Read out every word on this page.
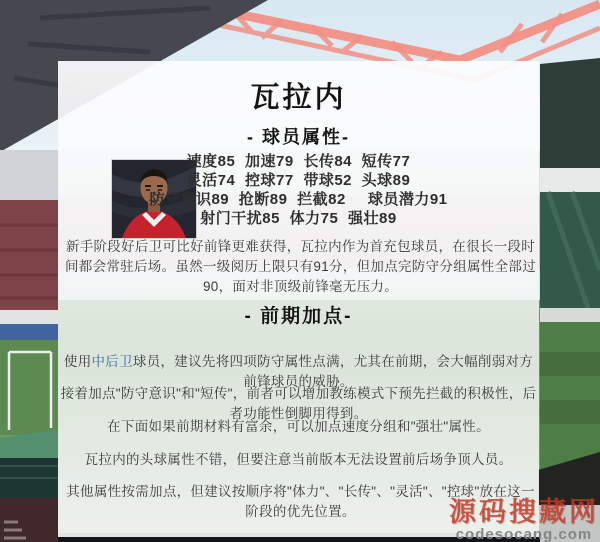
瓦拉内
- 球员属性-
速度85 加速79 长传84 短传77
灵活74 控球77 带球52 头球89
防守意识89 抢断89 拦截82 球员潜力91
射门干扰85 体力75 强壮89

新手阶段好后卫可比好前锋更难获得，瓦拉内作为首充包球员，在很长一段时间都会常驻后场。虽然一级阅历上限只有91分，但加点完防守分组属性全部过90，面对非顶级前锋毫无压力。

- 前期加点-

使用中后卫球员，建议先将四项防守属性点满，尤其在前期，会大幅削弱对方前锋球员的威胁。

接着加点"防守意识"和"短传"，前者可以增加教练模式下预先拦截的积极性，后者功能性倒脚用得到。

在下面如果前期材料有富余，可以加点速度分组和"强壮"属性。

瓦拉内的头球属性不错，但要注意当前版本无法设置前后场争顶人员。

其他属性按需加点，但建议按顺序将"体力"、"长传"、"灵活"、"控球"放在这一阶段的优先位置。	源码搜藏网
codesocang.com
